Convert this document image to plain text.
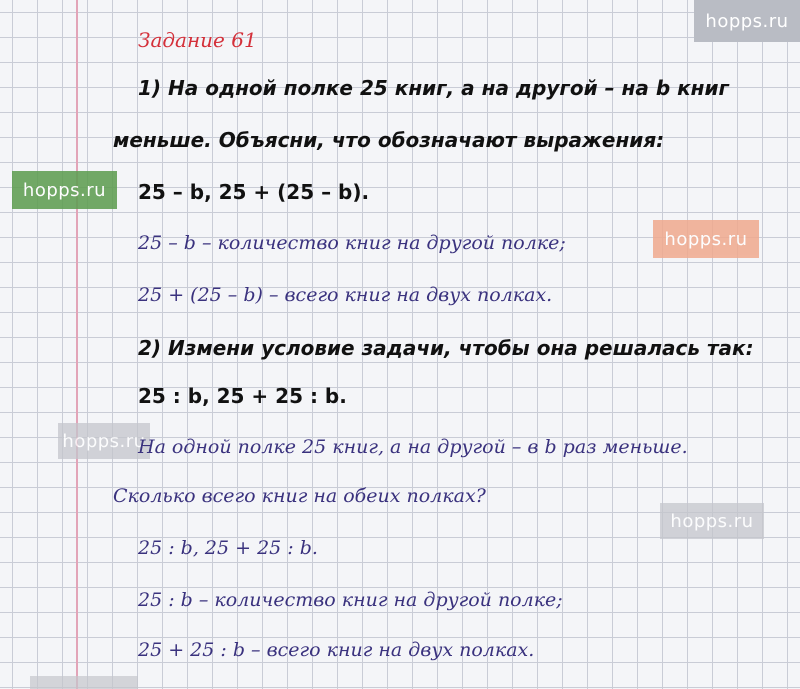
hopps.ru
hopps.ru
hopps.ru
hopps.ru
hopps.ru
Задание 61
1) На одной полке 25 книг, а на другой – на b книг
меньше. Объясни, что обозначают выражения:
25 – b, 25 + (25 – b).
25 – b – количество книг на другой полке;
25 + (25 – b) – всего книг на двух полках.
2) Измени условие задачи, чтобы она решалась так:
25 : b, 25 + 25 : b.
На одной полке 25 книг, а на другой – в b раз меньше.
Сколько всего книг на обеих полках?
25 : b, 25 + 25 : b.
25 : b – количество книг на другой полке;
25 + 25 : b – всего книг на двух полках.
